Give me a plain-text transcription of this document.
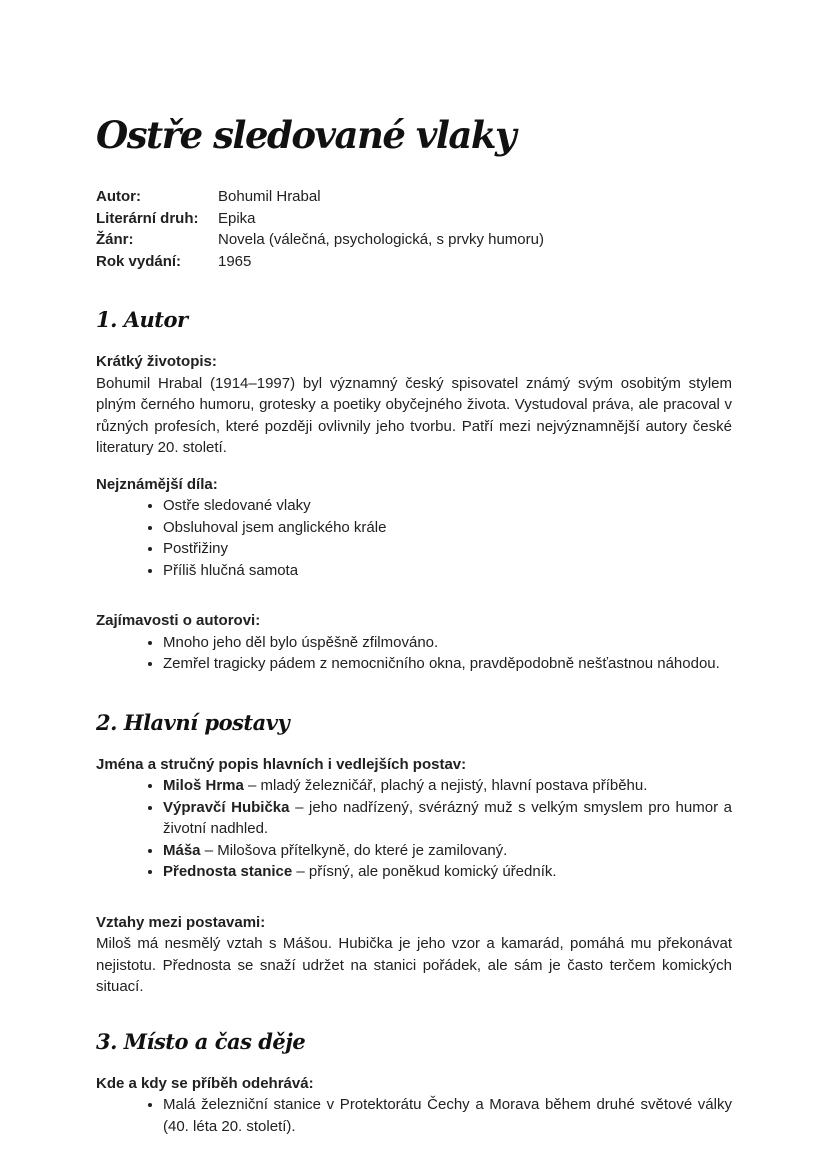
Ostře sledované vlaky
Autor:	Bohumil Hrabal
Literární druh:	Epika
Žánr:	Novela (válečná, psychologická, s prvky humoru)
Rok vydání:	1965
1. Autor
Krátký životopis:

Bohumil Hrabal (1914–1997) byl významný český spisovatel známý svým osobitým stylem plným černého humoru, grotesky a poetiky obyčejného života. Vystudoval práva, ale pracoval v různých profesích, které později ovlivnily jeho tvorbu. Patří mezi nejvýznamnější autory české literatury 20. století.

Nejznámější díla:
• Ostře sledované vlaky
• Obsluhoval jsem anglického krále
• Postřižiny
• Příliš hlučná samota
Zajímavosti o autorovi:
• Mnoho jeho děl bylo úspěšně zfilmováno.
• Zemřel tragicky pádem z nemocničního okna, pravděpodobně nešťastnou náhodou.
2. Hlavní postavy
Jména a stručný popis hlavních i vedlejších postav:
• Miloš Hrma – mladý železničář, plachý a nejistý, hlavní postava příběhu.
• Výpravčí Hubička – jeho nadřízený, svérázný muž s velkým smyslem pro humor a životní nadhled.
• Máša – Milošova přítelkyně, do které je zamilovaný.
• Přednosta stanice – přísný, ale poněkud komický úředník.
Vztahy mezi postavami:

Miloš má nesmělý vztah s Mášou. Hubička je jeho vzor a kamarád, pomáhá mu překonávat nejistotu. Přednosta se snaží udržet na stanici pořádek, ale sám je často terčem komických situací.

3. Místo a čas děje
Kde a kdy se příběh odehrává:
• Malá železniční stanice v Protektorátu Čechy a Morava během druhé světové války (40. léta 20. století).
